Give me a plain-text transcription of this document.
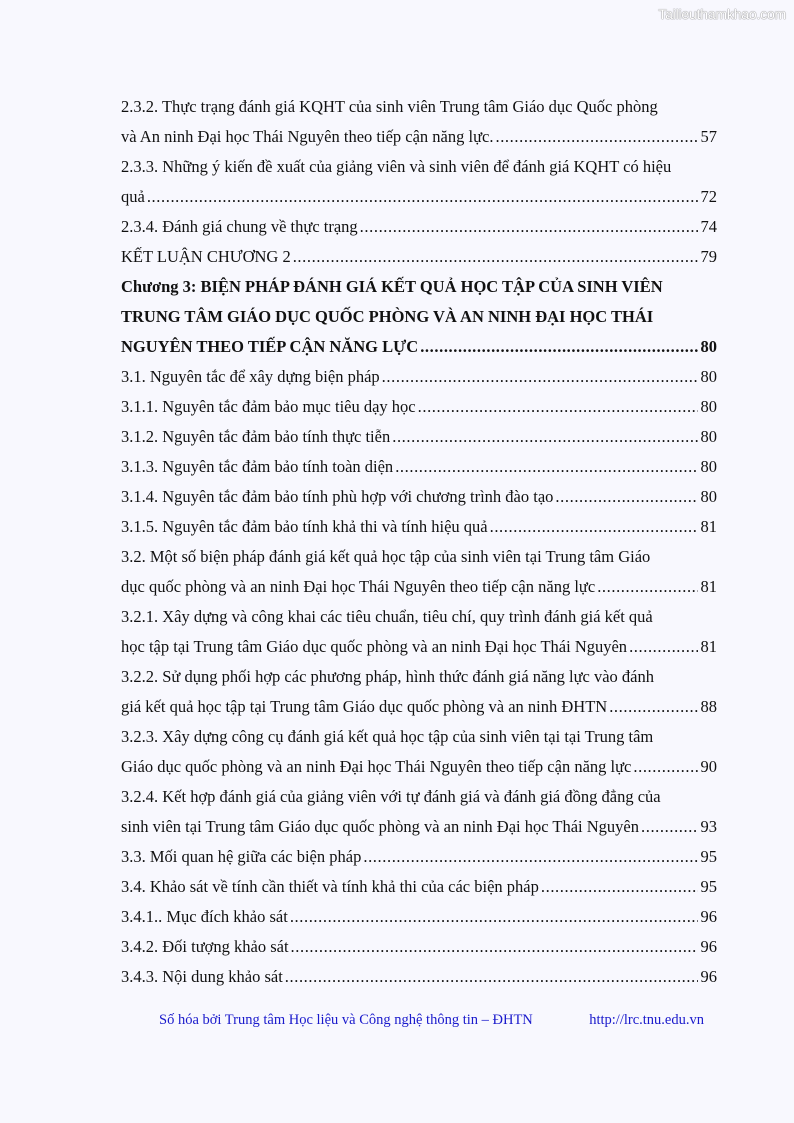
Tailieuthamkhao.com
2.3.2. Thực trạng đánh giá KQHT của sinh viên Trung tâm Giáo dục Quốc phòng
và An ninh Đại học Thái Nguyên theo tiếp cận năng lực. .....	57
2.3.3. Những ý kiến đề xuất của giảng viên và sinh viên để đánh giá KQHT có hiệu
quả .....	72
2.3.4. Đánh giá chung về thực trạng .....	74
KẾT LUẬN CHƯƠNG 2 .....	79
Chương 3: BIỆN PHÁP ĐÁNH GIÁ KẾT QUẢ HỌC TẬP CỦA SINH VIÊN
TRUNG TÂM GIÁO DỤC QUỐC PHÒNG VÀ AN NINH ĐẠI HỌC THÁI
NGUYÊN THEO TIẾP CẬN NĂNG LỰC .....	80
3.1. Nguyên tắc để xây dựng biện pháp .....	80
3.1.1. Nguyên tắc đảm bảo mục tiêu dạy học .....	80
3.1.2. Nguyên tắc đảm bảo tính thực tiễn .....	80
3.1.3. Nguyên tắc đảm bảo tính toàn diện .....	80
3.1.4. Nguyên tắc đảm bảo tính phù hợp với chương trình đào tạo .....	80
3.1.5. Nguyên tắc đảm bảo tính khả thi và tính hiệu quả .....	81
3.2. Một số biện pháp đánh giá kết quả học tập của sinh viên tại Trung tâm Giáo
dục quốc phòng và an ninh Đại học Thái Nguyên theo tiếp cận năng lực .....	81
3.2.1. Xây dựng và công khai các tiêu chuẩn, tiêu chí, quy trình đánh giá kết quả
học tập tại Trung tâm Giáo dục quốc phòng và an ninh Đại học Thái Nguyên .....	81
3.2.2. Sử dụng phối hợp các phương pháp, hình thức đánh giá năng lực vào đánh
giá kết quả học tập tại Trung tâm Giáo dục quốc phòng và an ninh ĐHTN .....	88
3.2.3. Xây dựng công cụ đánh giá kết quả học tập của sinh viên tại tại Trung tâm
Giáo dục quốc phòng và an ninh Đại học Thái Nguyên theo tiếp cận năng lực .....	90
3.2.4. Kết hợp đánh giá của giảng viên với tự đánh giá và đánh giá đồng đẳng của
sinh viên tại Trung tâm Giáo dục quốc phòng và an ninh Đại học Thái Nguyên .....	93
3.3. Mối quan hệ giữa các biện pháp .....	95
3.4. Khảo sát về tính cần thiết và tính khả thi của các biện pháp .....	95
3.4.1.. Mục đích khảo sát .....	96
3.4.2. Đối tượng khảo sát .....	96
3.4.3. Nội dung khảo sát .....	96
Số hóa bởi Trung tâm Học liệu và Công nghệ thông tin – ĐHTN	http://lrc.tnu.edu.vn
